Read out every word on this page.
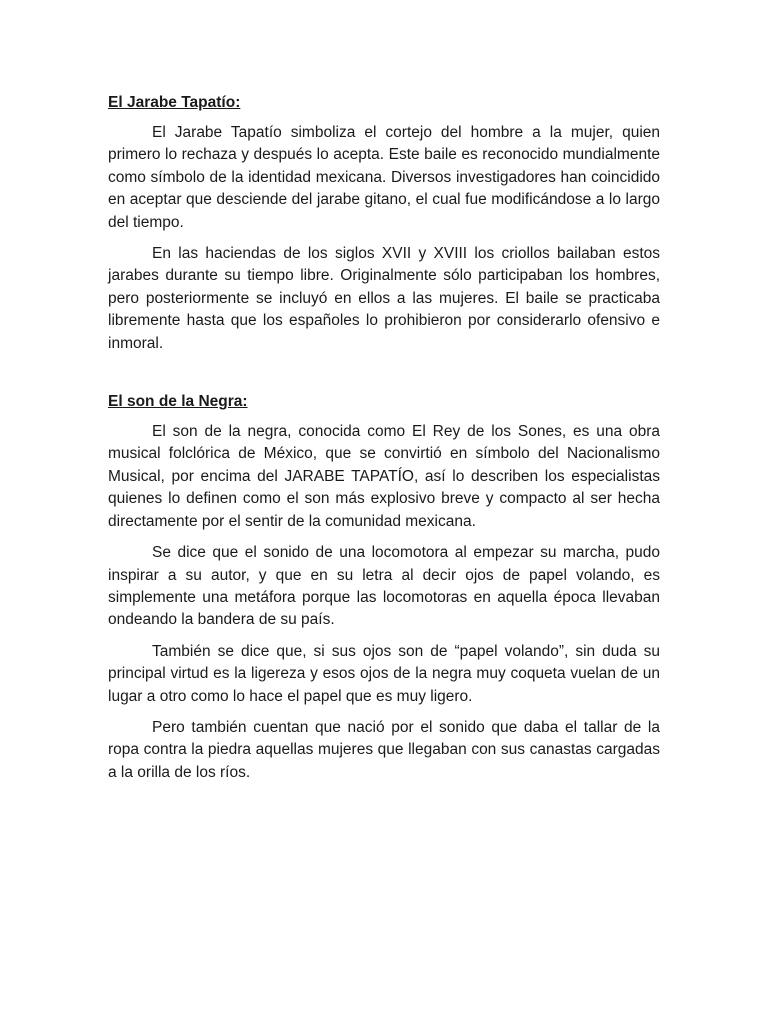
El Jarabe Tapatío:

El Jarabe Tapatío simboliza el cortejo del hombre a la mujer, quien primero lo rechaza y después lo acepta. Este baile es reconocido mundialmente como símbolo de la identidad mexicana. Diversos investigadores han coincidido en aceptar que desciende del jarabe gitano, el cual fue modificándose a lo largo del tiempo.

En las haciendas de los siglos XVII y XVIII los criollos bailaban estos jarabes durante su tiempo libre. Originalmente sólo participaban los hombres, pero posteriormente se incluyó en ellos a las mujeres. El baile se practicaba libremente hasta que los españoles lo prohibieron por considerarlo ofensivo e inmoral.

El son de la Negra:

El son de la negra, conocida como El Rey de los Sones, es una obra musical folclórica de México, que se convirtió en símbolo del Nacionalismo Musical, por encima del JARABE TAPATÍO, así lo describen los especialistas quienes lo definen como el son más explosivo breve y compacto al ser hecha directamente por el sentir de la comunidad mexicana.

Se dice que el sonido de una locomotora al empezar su marcha, pudo inspirar a su autor, y que en su letra al decir ojos de papel volando, es simplemente una metáfora porque las locomotoras en aquella época llevaban ondeando la bandera de su país.

También se dice que, si sus ojos son de “papel volando”, sin duda su principal virtud es la ligereza y esos ojos de la negra muy coqueta vuelan de un lugar a otro como lo hace el papel que es muy ligero.

Pero también cuentan que nació por el sonido que daba el tallar de la ropa contra la piedra aquellas mujeres que llegaban con sus canastas cargadas a la orilla de los ríos.
